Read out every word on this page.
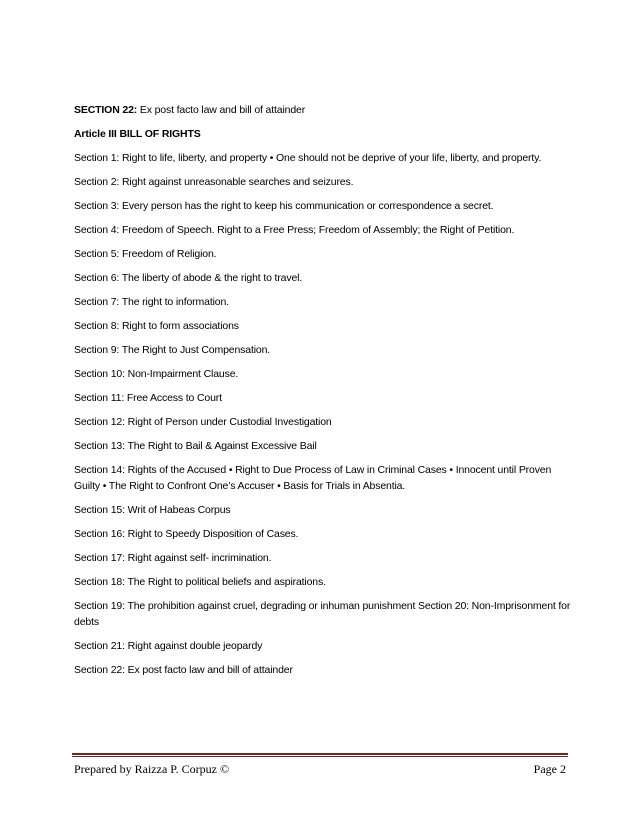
SECTION 22: Ex post facto law and bill of attainder

Article III BILL OF RIGHTS

Section 1: Right to life, liberty, and property • One should not be deprive of your life, liberty, and property.

Section 2: Right against unreasonable searches and seizures.

Section 3: Every person has the right to keep his communication or correspondence a secret.

Section 4: Freedom of Speech. Right to a Free Press; Freedom of Assembly; the Right of Petition.

Section 5: Freedom of Religion.

Section 6: The liberty of abode & the right to travel.

Section 7: The right to information.

Section 8: Right to form associations

Section 9: The Right to Just Compensation.

Section 10: Non-Impairment Clause.

Section 11: Free Access to Court

Section 12: Right of Person under Custodial Investigation

Section 13: The Right to Bail & Against Excessive Bail

Section 14: Rights of the Accused • Right to Due Process of Law in Criminal Cases • Innocent until Proven Guilty • The Right to Confront One’s Accuser • Basis for Trials in Absentia.

Section 15: Writ of Habeas Corpus

Section 16: Right to Speedy Disposition of Cases.

Section 17: Right against self- incrimination.

Section 18: The Right to political beliefs and aspirations.

Section 19: The prohibition against cruel, degrading or inhuman punishment Section 20: Non-Imprisonment for debts

Section 21: Right against double jeopardy

Section 22: Ex post facto law and bill of attainder

Prepared by Raizza P. Corpuz ©	Page 2
